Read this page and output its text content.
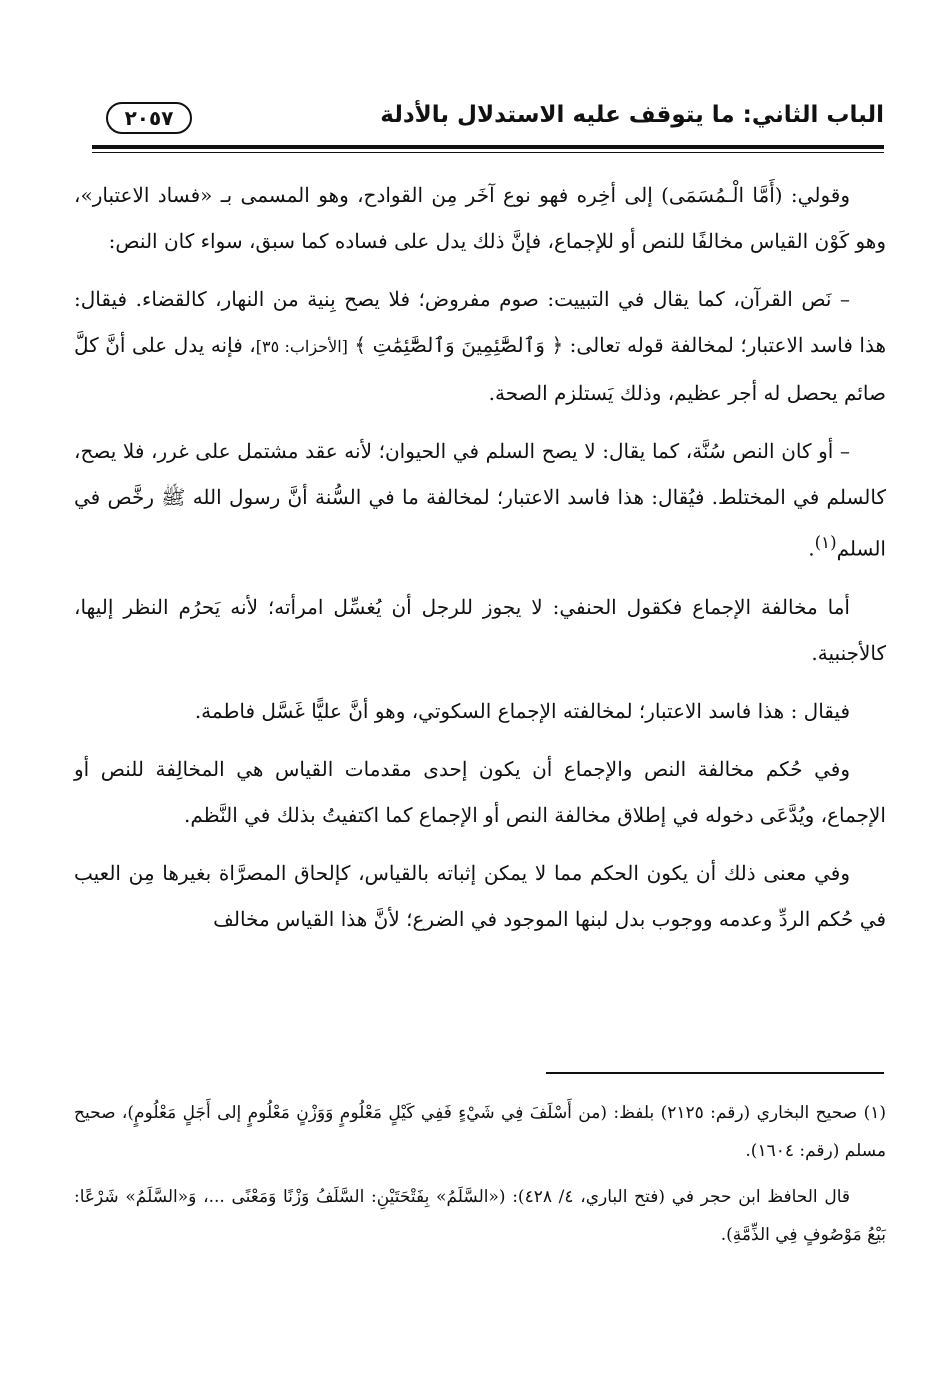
الباب الثاني: ما يتوقف عليه الاستدلال بالأدلة
٢٠٥٧

وقولي: (أَمَّا الْـمُسَمَى) إلى أخِره فهو نوع آخَر مِن القوادح، وهو المسمى بـ «فساد الاعتبار»، وهو كَوْن القياس مخالفًا للنص أو للإجماع، فإنَّ ذلك يدل على فساده كما سبق، سواء كان النص:

– نَص القرآن، كما يقال في التبييت: صوم مفروض؛ فلا يصح بِنية من النهار، كالقضاء. فيقال: هذا فاسد الاعتبار؛ لمخالفة قوله تعالى: ﴿ وَٱلصَّٰٓئِمِينَ وَٱلصَّٰٓئِمَٰتِ ﴾ [الأحزاب: ٣٥]، فإنه يدل على أنَّ كلَّ صائم يحصل له أجر عظيم، وذلك يَستلزم الصحة.

– أو كان النص سُنَّة، كما يقال: لا يصح السلم في الحيوان؛ لأنه عقد مشتمل على غرر، فلا يصح، كالسلم في المختلط. فيُقال: هذا فاسد الاعتبار؛ لمخالفة ما في السُّنة أنَّ رسول الله ﷺ رخَّص في السلم$^{(١)}$.

أما مخالفة الإجماع فكقول الحنفي: لا يجوز للرجل أن يُغسِّل امرأته؛ لأنه يَحرُم النظر إليها، كالأجنبية.

فيقال : هذا فاسد الاعتبار؛ لمخالفته الإجماع السكوتي، وهو أنَّ عليًّا غَسَّل فاطمة.

وفي حُكم مخالفة النص والإجماع أن يكون إحدى مقدمات القياس هي المخالِفة للنص أو الإجماع، ويُدَّعَى دخوله في إطلاق مخالفة النص أو الإجماع كما اكتفيتُ بذلك في النَّظم.

وفي معنى ذلك أن يكون الحكم مما لا يمكن إثباته بالقياس، كإلحاق المصرَّاة بغيرها مِن العيب في حُكم الردِّ وعدمه ووجوب بدل لبنها الموجود في الضرع؛ لأنَّ هذا القياس مخالف

(١) صحيح البخاري (رقم: ٢١٢٥) بلفظ: (من أَسْلَفَ فِي شَيْءٍ فَفِي كَيْلٍ مَعْلُومٍ وَوَزْنٍ مَعْلُومٍ إلى أَجَلٍ مَعْلُومٍ)، صحيح مسلم (رقم: ١٦٠٤).

قال الحافظ ابن حجر في (فتح الباري، ٤/ ٤٢٨): («السَّلَمُ» بِفَتْحَتَيْنِ: السَّلَفُ وَزْنًا وَمَعْنًى ...، وَ«السَّلَمُ» شَرْعًا: بَيْعُ مَوْصُوفٍ فِي الذِّمَّةِ).
